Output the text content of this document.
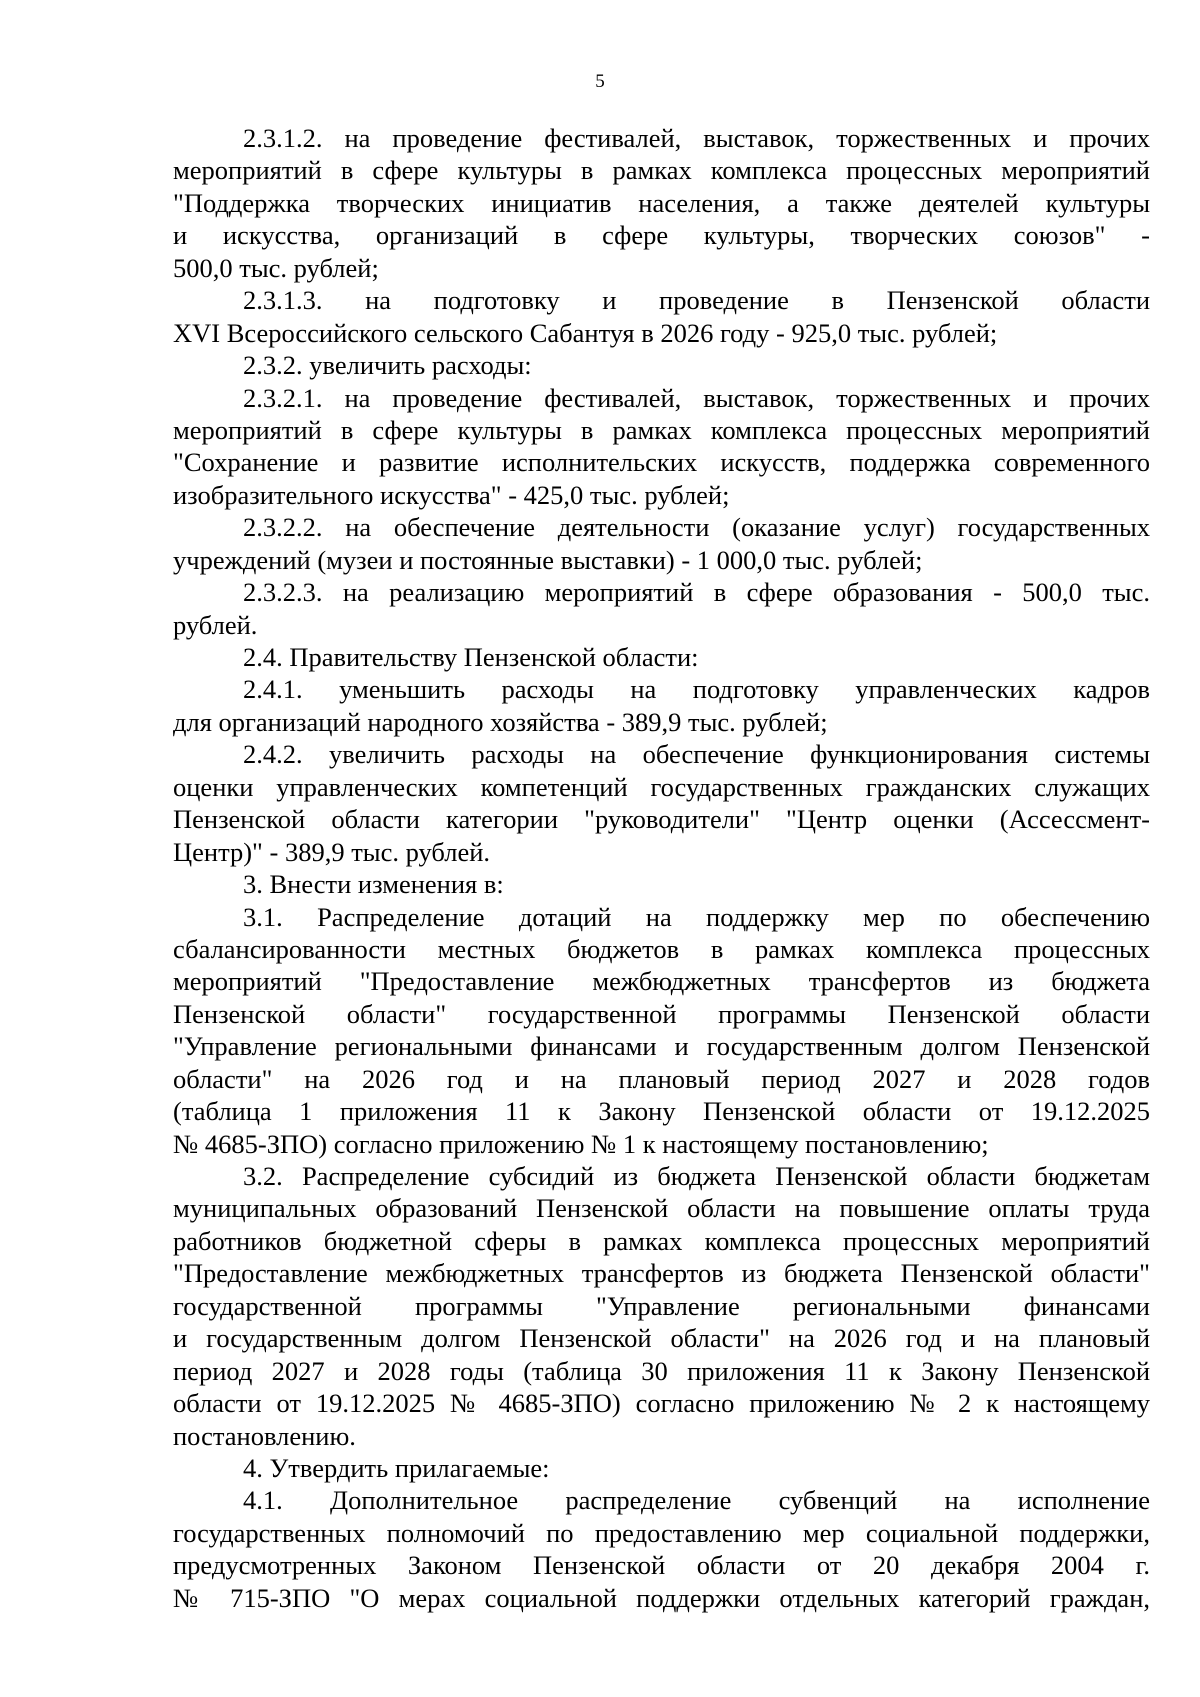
5
2.3.1.2. на проведение фестивалей, выставок, торжественных и прочих
мероприятий в сфере культуры в рамках комплекса процессных мероприятий
"Поддержка творческих инициатив населения, а также деятелей культуры
и искусства, организаций в сфере культуры, творческих союзов" -
500,0 тыс. рублей;
2.3.1.3. на подготовку и проведение в Пензенской области
XVI Всероссийского сельского Сабантуя в 2026 году - 925,0 тыс. рублей;
2.3.2. увеличить расходы:
2.3.2.1. на проведение фестивалей, выставок, торжественных и прочих
мероприятий в сфере культуры в рамках комплекса процессных мероприятий
"Сохранение и развитие исполнительских искусств, поддержка современного
изобразительного искусства" - 425,0 тыс. рублей;
2.3.2.2. на обеспечение деятельности (оказание услуг) государственных
учреждений (музеи и постоянные выставки) - 1 000,0 тыс. рублей;
2.3.2.3. на реализацию мероприятий в сфере образования - 500,0 тыс.
рублей.
2.4. Правительству Пензенской области:
2.4.1. уменьшить расходы на подготовку управленческих кадров
для организаций народного хозяйства - 389,9 тыс. рублей;
2.4.2. увеличить расходы на обеспечение функционирования системы
оценки управленческих компетенций государственных гражданских служащих
Пензенской области категории "руководители" "Центр оценки (Ассессмент-
Центр)" - 389,9 тыс. рублей.
3. Внести изменения в:
3.1. Распределение дотаций на поддержку мер по обеспечению
сбалансированности местных бюджетов в рамках комплекса процессных
мероприятий "Предоставление межбюджетных трансфертов из бюджета
Пензенской области" государственной программы Пензенской области
"Управление региональными финансами и государственным долгом Пензенской
области" на 2026 год и на плановый период 2027 и 2028 годов
(таблица 1 приложения 11 к Закону Пензенской области от 19.12.2025
№ 4685-ЗПО) согласно приложению № 1 к настоящему постановлению;
3.2. Распределение субсидий из бюджета Пензенской области бюджетам
муниципальных образований Пензенской области на повышение оплаты труда
работников бюджетной сферы в рамках комплекса процессных мероприятий
"Предоставление межбюджетных трансфертов из бюджета Пензенской области"
государственной программы "Управление региональными финансами
и государственным долгом Пензенской области" на 2026 год и на плановый
период 2027 и 2028 годы (таблица 30 приложения 11 к Закону Пензенской
области от 19.12.2025 № 4685-ЗПО) согласно приложению № 2 к настоящему
постановлению.
4. Утвердить прилагаемые:
4.1. Дополнительное распределение субвенций на исполнение
государственных полномочий по предоставлению мер социальной поддержки,
предусмотренных Законом Пензенской области от 20 декабря 2004 г.
№ 715-ЗПО "О мерах социальной поддержки отдельных категорий граждан,
